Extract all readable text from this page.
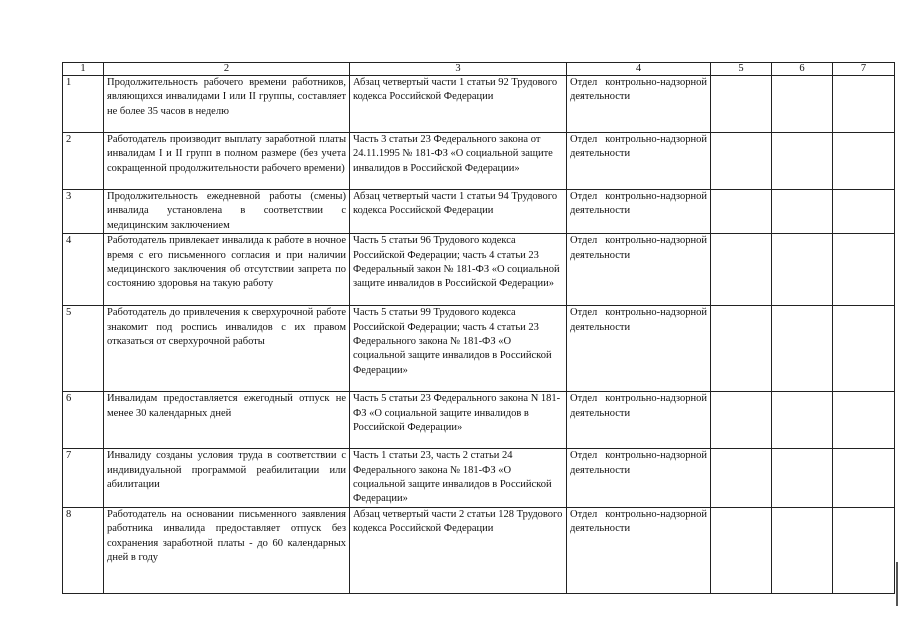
1	2	3	4	5	6	7
1	Продолжительность рабочего времени работников, являющихся инвалидами I или II группы, составляет не более 35 часов в неделю	Абзац четвертый части 1 статьи 92 Трудового кодекса Российской Федерации	Отдел контрольно-надзорной деятельности			
2	Работодатель производит выплату заработной платы инвалидам I и II групп в полном размере (без учета сокращенной продолжительности рабочего времени)	Часть 3 статьи 23 Федерального закона от 24.11.1995 № 181-ФЗ «О социальной защите инвалидов в Российской Федерации»	Отдел контрольно-надзорной деятельности			
3	Продолжительность ежедневной работы (смены) инвалида установлена в соответствии с медицинским заключением	Абзац четвертый части 1 статьи 94 Трудового кодекса Российской Федерации	Отдел контрольно-надзорной деятельности			
4	Работодатель привлекает инвалида к работе в ночное время с его письменного согласия и при наличии медицинского заключения об отсутствии запрета по состоянию здоровья на такую работу	Часть 5 статьи 96 Трудового кодекса Российской Федерации; часть 4 статьи 23 Федеральный закон № 181-ФЗ «О социальной защите инвалидов в Российской Федерации»	Отдел контрольно-надзорной деятельности			
5	Работодатель до привлечения к сверхурочной работе знакомит под роспись инвалидов с их правом отказаться от сверхурочной работы	Часть 5 статьи 99 Трудового кодекса Российской Федерации; часть 4 статьи 23 Федерального закона № 181-ФЗ «О социальной защите инвалидов в Российской Федерации»	Отдел контрольно-надзорной деятельности			
6	Инвалидам предоставляется ежегодный отпуск не менее 30 календарных дней	Часть 5 статьи 23 Федерального закона N 181-ФЗ «О социальной защите инвалидов в Российской Федерации»	Отдел контрольно-надзорной деятельности			
7	Инвалиду созданы условия труда в соответствии с индивидуальной программой реабилитации или абилитации	Часть 1 статьи 23, часть 2 статьи 24 Федерального закона № 181-ФЗ «О социальной защите инвалидов в Российской Федерации»	Отдел контрольно-надзорной деятельности			
8	Работодатель на основании письменного заявления работника инвалида предоставляет отпуск без сохранения заработной платы - до 60 календарных дней в году	Абзац четвертый части 2 статьи 128 Трудового кодекса Российской Федерации	Отдел контрольно-надзорной деятельности			
